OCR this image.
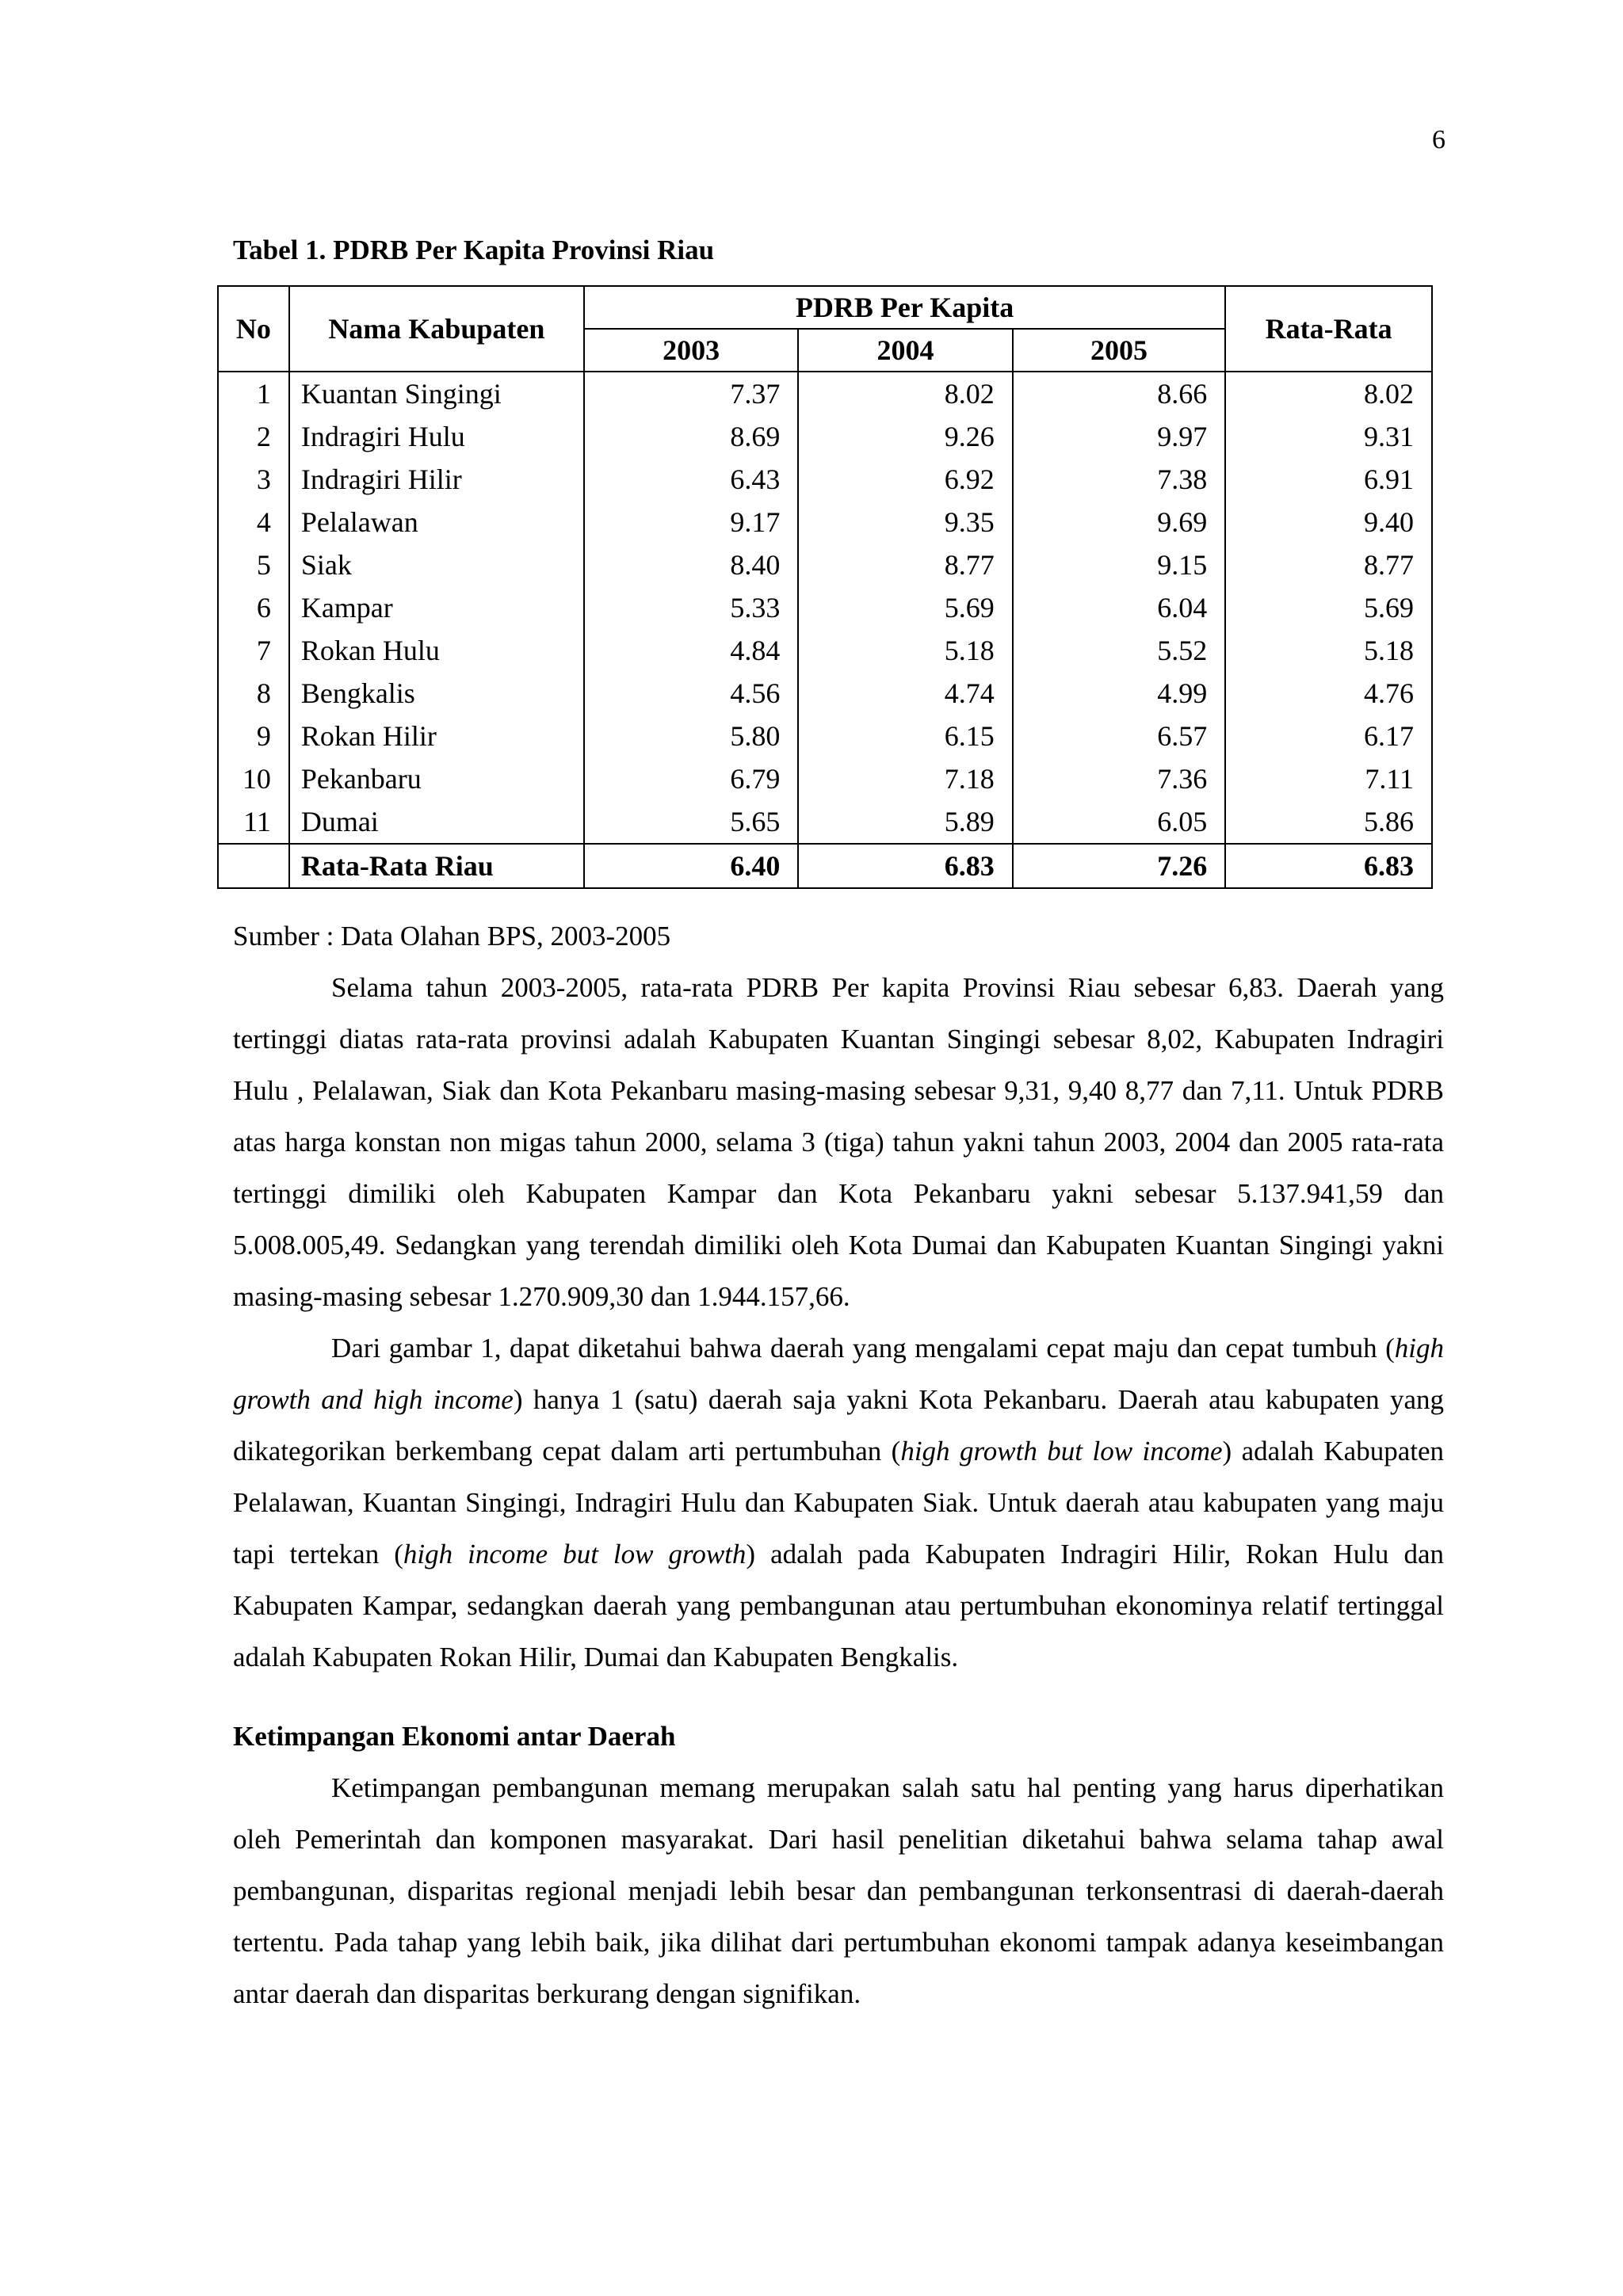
6
Tabel 1. PDRB Per Kapita Provinsi Riau
No	Nama Kabupaten	PDRB Per Kapita			Rata-Rata
		2003	2004	2005	
1	Kuantan Singingi	7.37	8.02	8.66	8.02
2	Indragiri Hulu	8.69	9.26	9.97	9.31
3	Indragiri Hilir	6.43	6.92	7.38	6.91
4	Pelalawan	9.17	9.35	9.69	9.40
5	Siak	8.40	8.77	9.15	8.77
6	Kampar	5.33	5.69	6.04	5.69
7	Rokan Hulu	4.84	5.18	5.52	5.18
8	Bengkalis	4.56	4.74	4.99	4.76
9	Rokan Hilir	5.80	6.15	6.57	6.17
10	Pekanbaru	6.79	7.18	7.36	7.11
11	Dumai	5.65	5.89	6.05	5.86
	Rata-Rata Riau	6.40	6.83	7.26	6.83
Sumber : Data Olahan BPS, 2003-2005

Selama tahun 2003-2005, rata-rata PDRB Per kapita Provinsi Riau sebesar 6,83. Daerah yang tertinggi diatas rata-rata provinsi adalah Kabupaten Kuantan Singingi sebesar 8,02, Kabupaten Indragiri Hulu , Pelalawan, Siak dan Kota Pekanbaru masing-masing sebesar 9,31, 9,40 8,77 dan 7,11. Untuk PDRB atas harga konstan non migas tahun 2000, selama 3 (tiga) tahun yakni tahun 2003, 2004 dan 2005 rata-rata tertinggi dimiliki oleh Kabupaten Kampar dan Kota Pekanbaru yakni sebesar 5.137.941,59 dan 5.008.005,49. Sedangkan yang terendah dimiliki oleh Kota Dumai dan Kabupaten Kuantan Singingi yakni masing-masing sebesar 1.270.909,30 dan 1.944.157,66.

Dari gambar 1, dapat diketahui bahwa daerah yang mengalami cepat maju dan cepat tumbuh (high growth and high income) hanya 1 (satu) daerah saja yakni Kota Pekanbaru. Daerah atau kabupaten yang dikategorikan berkembang cepat dalam arti pertumbuhan (high growth but low income) adalah Kabupaten Pelalawan, Kuantan Singingi, Indragiri Hulu dan Kabupaten Siak. Untuk daerah atau kabupaten yang maju tapi tertekan (high income but low growth) adalah pada Kabupaten Indragiri Hilir, Rokan Hulu dan Kabupaten Kampar, sedangkan daerah yang pembangunan atau pertumbuhan ekonominya relatif tertinggal adalah Kabupaten Rokan Hilir, Dumai dan Kabupaten Bengkalis.

Ketimpangan Ekonomi antar Daerah

Ketimpangan pembangunan memang merupakan salah satu hal penting yang harus diperhatikan oleh Pemerintah dan komponen masyarakat. Dari hasil penelitian diketahui bahwa selama tahap awal pembangunan, disparitas regional menjadi lebih besar dan pembangunan terkonsentrasi di daerah-daerah tertentu. Pada tahap yang lebih baik, jika dilihat dari pertumbuhan ekonomi tampak adanya keseimbangan antar daerah dan disparitas berkurang dengan signifikan.
